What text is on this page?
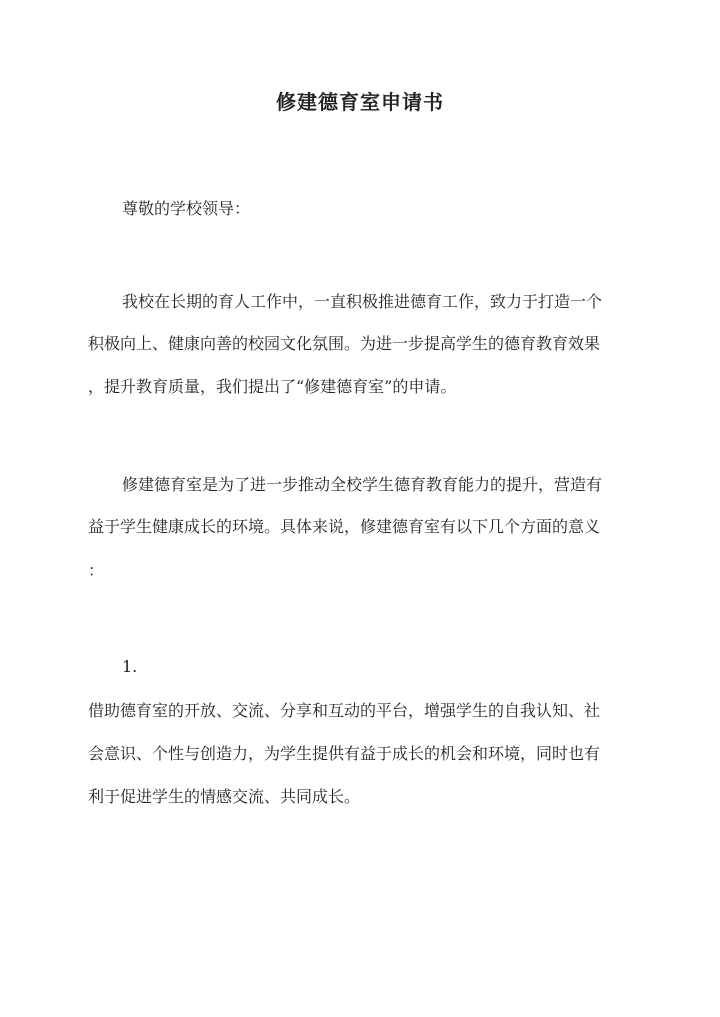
修建德育室申请书
尊敬的学校领导：
我校在长期的育人工作中，一直积极推进德育工作，致力于打造一个
积极向上、健康向善的校园文化氛围。为进一步提高学生的德育教育效果
，提升教育质量，我们提出了“修建德育室”的申请。
修建德育室是为了进一步推动全校学生德育教育能力的提升，营造有
益于学生健康成长的环境。具体来说，修建德育室有以下几个方面的意义
：
1.
借助德育室的开放、交流、分享和互动的平台，增强学生的自我认知、社
会意识、个性与创造力，为学生提供有益于成长的机会和环境，同时也有
利于促进学生的情感交流、共同成长。
